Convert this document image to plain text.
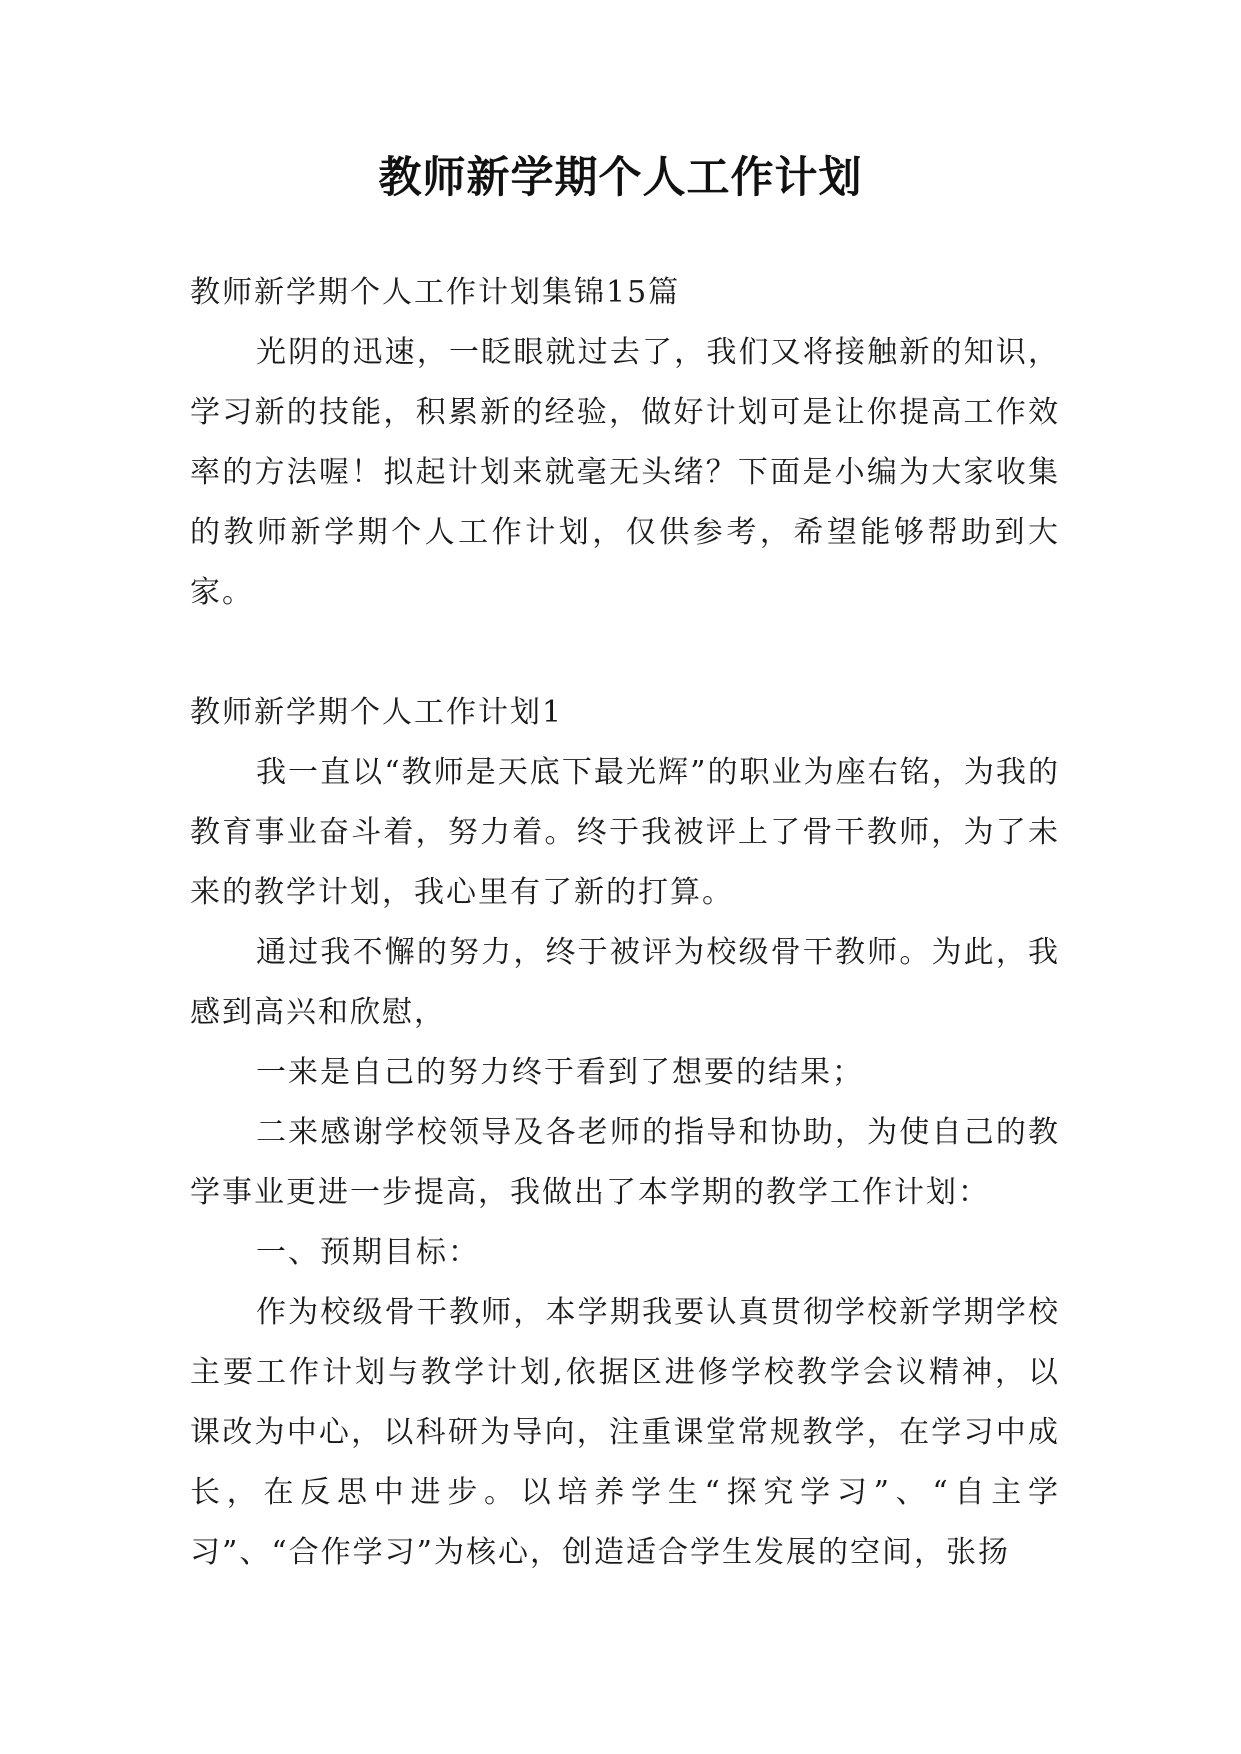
教师新学期个人工作计划

教师新学期个人工作计划集锦15篇

光阴的迅速，一眨眼就过去了，我们又将接触新的知识，学习新的技能，积累新的经验，做好计划可是让你提高工作效率的方法喔！拟起计划来就毫无头绪？下面是小编为大家收集的教师新学期个人工作计划，仅供参考，希望能够帮助到大家。

教师新学期个人工作计划1

我一直以“教师是天底下最光辉”的职业为座右铭，为我的教育事业奋斗着，努力着。终于我被评上了骨干教师，为了未来的教学计划，我心里有了新的打算。

通过我不懈的努力，终于被评为校级骨干教师。为此，我感到高兴和欣慰，

一来是自己的努力终于看到了想要的结果；

二来感谢学校领导及各老师的指导和协助，为使自己的教学事业更进一步提高，我做出了本学期的教学工作计划：

一、预期目标：

作为校级骨干教师，本学期我要认真贯彻学校新学期学校主要工作计划与教学计划,依据区进修学校教学会议精神，以课改为中心，以科研为导向，注重课堂常规教学，在学习中成长，在反思中进步。以培养学生“探究学习”、“自主学习”、“合作学习”为核心，创造适合学生发展的空间，张扬
